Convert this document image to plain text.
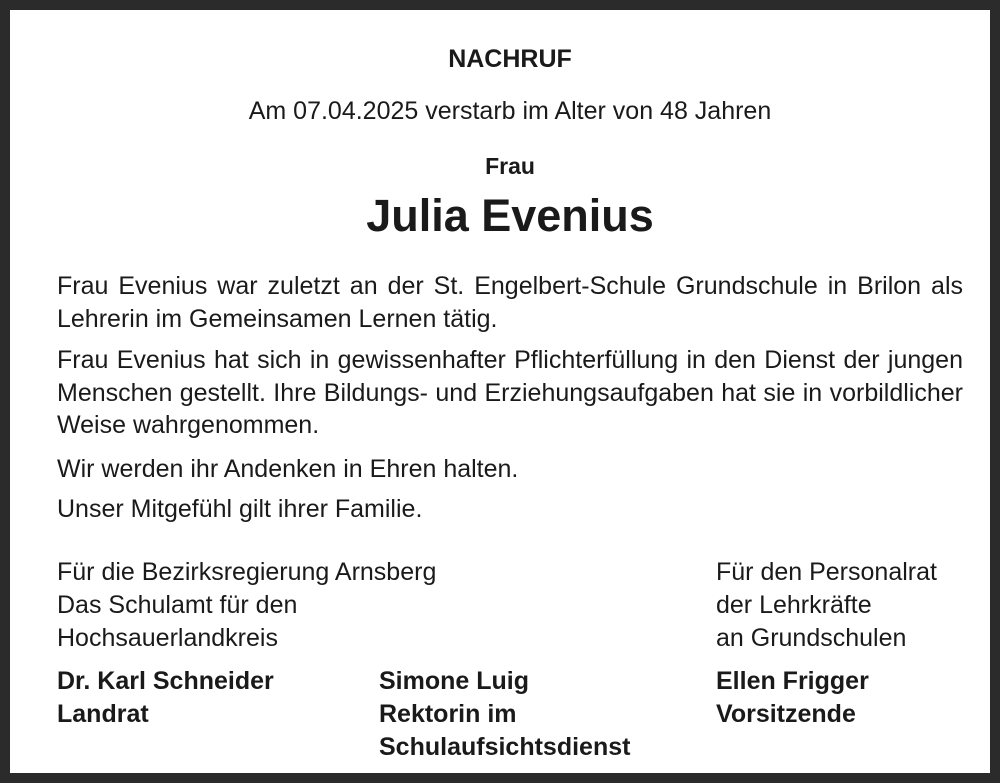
NACHRUF
Am 07.04.2025 verstarb im Alter von 48 Jahren
Frau
Julia Evenius

Frau Evenius war zuletzt an der St. Engelbert-Schule Grundschule in Brilon als Lehrerin im Gemeinsamen Lernen tätig.

Frau Evenius hat sich in gewissenhafter Pflichterfüllung in den Dienst der jungen Menschen gestellt. Ihre Bildungs- und Erziehungsaufgaben hat sie in vorbildlicher Weise wahrgenommen.

Wir werden ihr Andenken in Ehren halten.

Unser Mitgefühl gilt ihrer Familie.

Für die Bezirksregierung Arnsberg
Das Schulamt für den
Hochsauerlandkreis
Für den Personalrat
der Lehrkräfte
an Grundschulen
Dr. Karl Schneider
Landrat
Simone Luig
Rektorin im
Schulaufsichtsdienst
Ellen Frigger
Vorsitzende
